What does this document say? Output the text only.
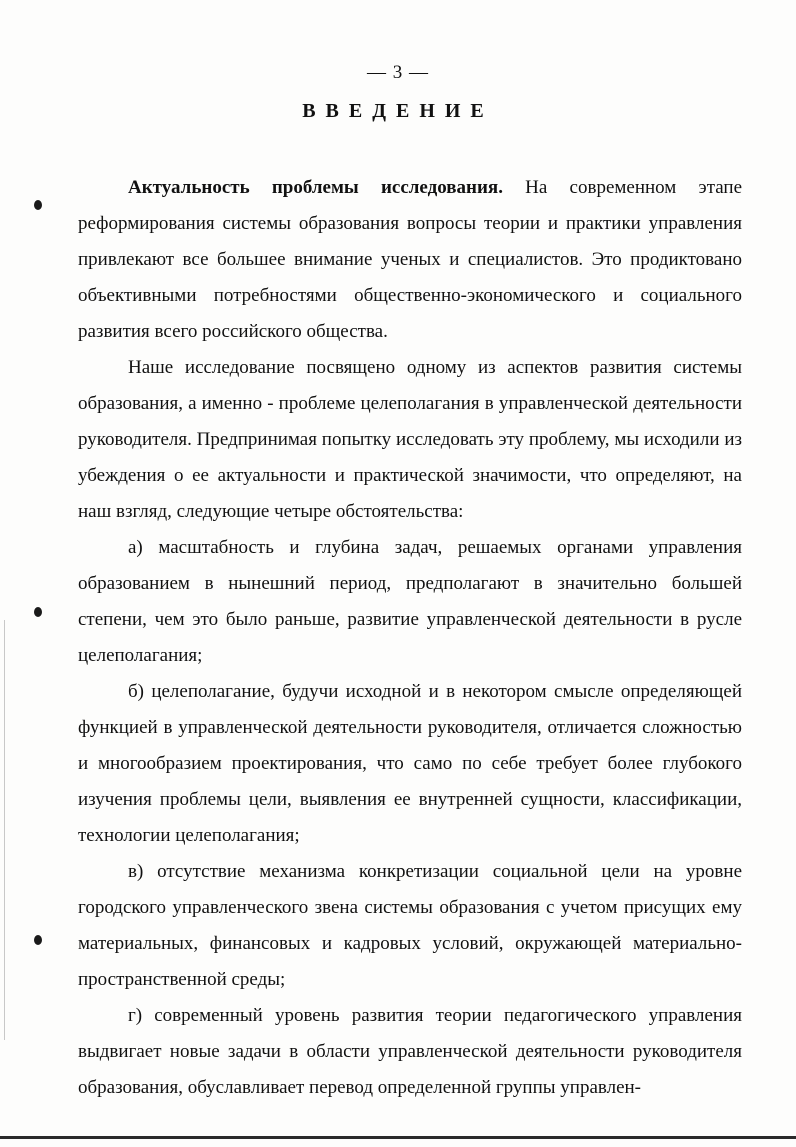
— 3 —
ВВЕДЕНИЕ

Актуальность проблемы исследования. На современном этапе реформирования системы образования вопросы теории и практики управления привлекают все большее внимание ученых и специалистов. Это продиктовано объективными потребностями общественно-экономического и социального развития всего российского общества.

Наше исследование посвящено одному из аспектов развития системы образования, а именно - проблеме целеполагания в управленческой деятельности руководителя. Предпринимая попытку исследовать эту проблему, мы исходили из убеждения о ее актуальности и практической значимости, что определяют, на наш взгляд, следующие четыре обстоятельства:

а) масштабность и глубина задач, решаемых органами управления образованием в нынешний период, предполагают в значительно большей степени, чем это было раньше, развитие управленческой деятельности в русле целеполагания;

б) целеполагание, будучи исходной и в некотором смысле определяющей функцией в управленческой деятельности руководителя, отличается сложностью и многообразием проектирования, что само по себе требует более глубокого изучения проблемы цели, выявления ее внутренней сущности, классификации, технологии целеполагания;

в) отсутствие механизма конкретизации социальной цели на уровне городского управленческого звена системы образования с учетом присущих ему материальных, финансовых и кадровых условий, окружающей материально-пространственной среды;

г) современный уровень развития теории педагогического управления выдвигает новые задачи в области управленческой деятельности руководителя образования, обуславливает перевод определенной группы управлен-
